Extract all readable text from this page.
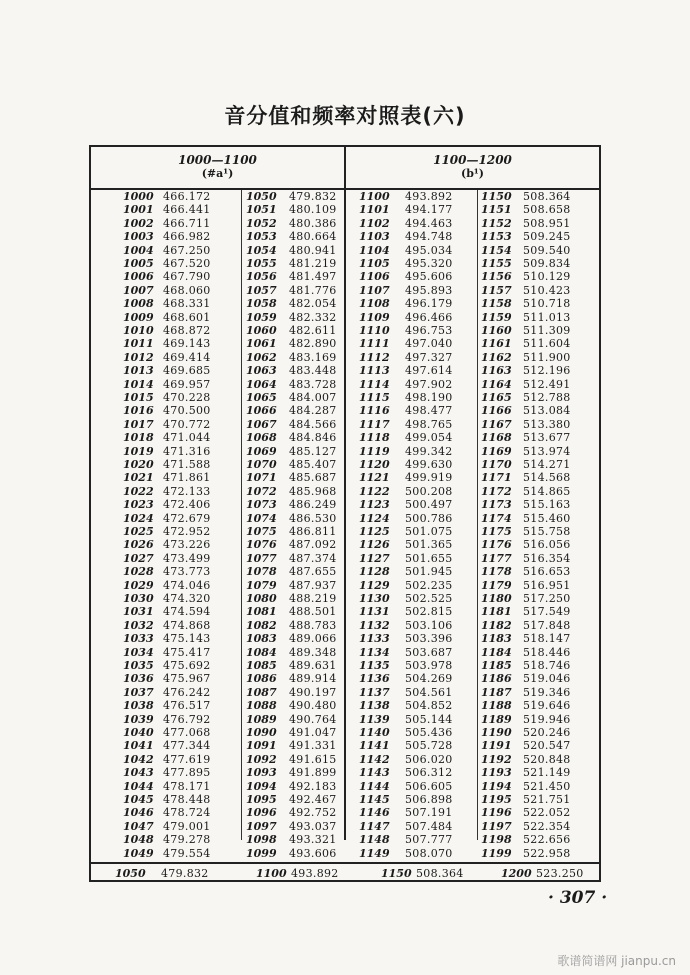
音分值和频率对照表(六)
1000—1100
(#a¹)
1100—1200
(b¹)
1000 466.172	1050 479.832 1100 493.892	1150 508.364
1001 466.441	1051 480.109 1101 494.177	1151 508.658
1002 466.711	1052 480.386 1102 494.463	1152 508.951
1003 466.982	1053 480.664 1103 494.748	1153 509.245
1004 467.250	1054 480.941 1104 495.034	1154 509.540
1005 467.520	1055 481.219 1105 495.320	1155 509.834
1006 467.790	1056 481.497 1106 495.606	1156 510.129
1007 468.060	1057 481.776 1107 495.893	1157 510.423
1008 468.331	1058 482.054 1108 496.179	1158 510.718
1009 468.601	1059 482.332 1109 496.466	1159 511.013
1010 468.872	1060 482.611 1110 496.753	1160 511.309
1011 469.143	1061 482.890 1111 497.040	1161 511.604
1012 469.414	1062 483.169 1112 497.327	1162 511.900
1013 469.685	1063 483.448 1113 497.614	1163 512.196
1014 469.957	1064 483.728 1114 497.902	1164 512.491
1015 470.228	1065 484.007 1115 498.190	1165 512.788
1016 470.500	1066 484.287 1116 498.477	1166 513.084
1017 470.772	1067 484.566 1117 498.765	1167 513.380
1018 471.044	1068 484.846 1118 499.054	1168 513.677
1019 471.316	1069 485.127 1119 499.342	1169 513.974
1020 471.588	1070 485.407 1120 499.630	1170 514.271
1021 471.861	1071 485.687 1121 499.919	1171 514.568
1022 472.133	1072 485.968 1122 500.208	1172 514.865
1023 472.406	1073 486.249 1123 500.497	1173 515.163
1024 472.679	1074 486.530 1124 500.786	1174 515.460
1025 472.952	1075 486.811 1125 501.075	1175 515.758
1026 473.226	1076 487.092 1126 501.365	1176 516.056
1027 473.499	1077 487.374 1127 501.655	1177 516.354
1028 473.773	1078 487.655 1128 501.945	1178 516.653
1029 474.046	1079 487.937 1129 502.235	1179 516.951
1030 474.320	1080 488.219 1130 502.525	1180 517.250
1031 474.594	1081 488.501 1131 502.815	1181 517.549
1032 474.868	1082 488.783 1132 503.106	1182 517.848
1033 475.143	1083 489.066 1133 503.396	1183 518.147
1034 475.417	1084 489.348 1134 503.687	1184 518.446
1035 475.692	1085 489.631 1135 503.978	1185 518.746
1036 475.967	1086 489.914 1136 504.269	1186 519.046
1037 476.242	1087 490.197 1137 504.561	1187 519.346
1038 476.517	1088 490.480 1138 504.852	1188 519.646
1039 476.792	1089 490.764 1139 505.144	1189 519.946
1040 477.068	1090 491.047 1140 505.436	1190 520.246
1041 477.344	1091 491.331 1141 505.728	1191 520.547
1042 477.619	1092 491.615 1142 506.020	1192 520.848
1043 477.895	1093 491.899 1143 506.312	1193 521.149
1044 478.171	1094 492.183 1144 506.605	1194 521.450
1045 478.448	1095 492.467 1145 506.898	1195 521.751
1046 478.724	1096 492.752 1146 507.191	1196 522.052
1047 479.001	1097 493.037 1147 507.484	1197 522.354
1048 479.278	1098 493.321 1148 507.777	1198 522.656
1049 479.554	1099 493.606 1149 508.070	1199 522.958
1050 479.832	1100 493.892	1150 508.364	1200 523.250
· 307 ·
歌谱简谱网 jianpu.cn
